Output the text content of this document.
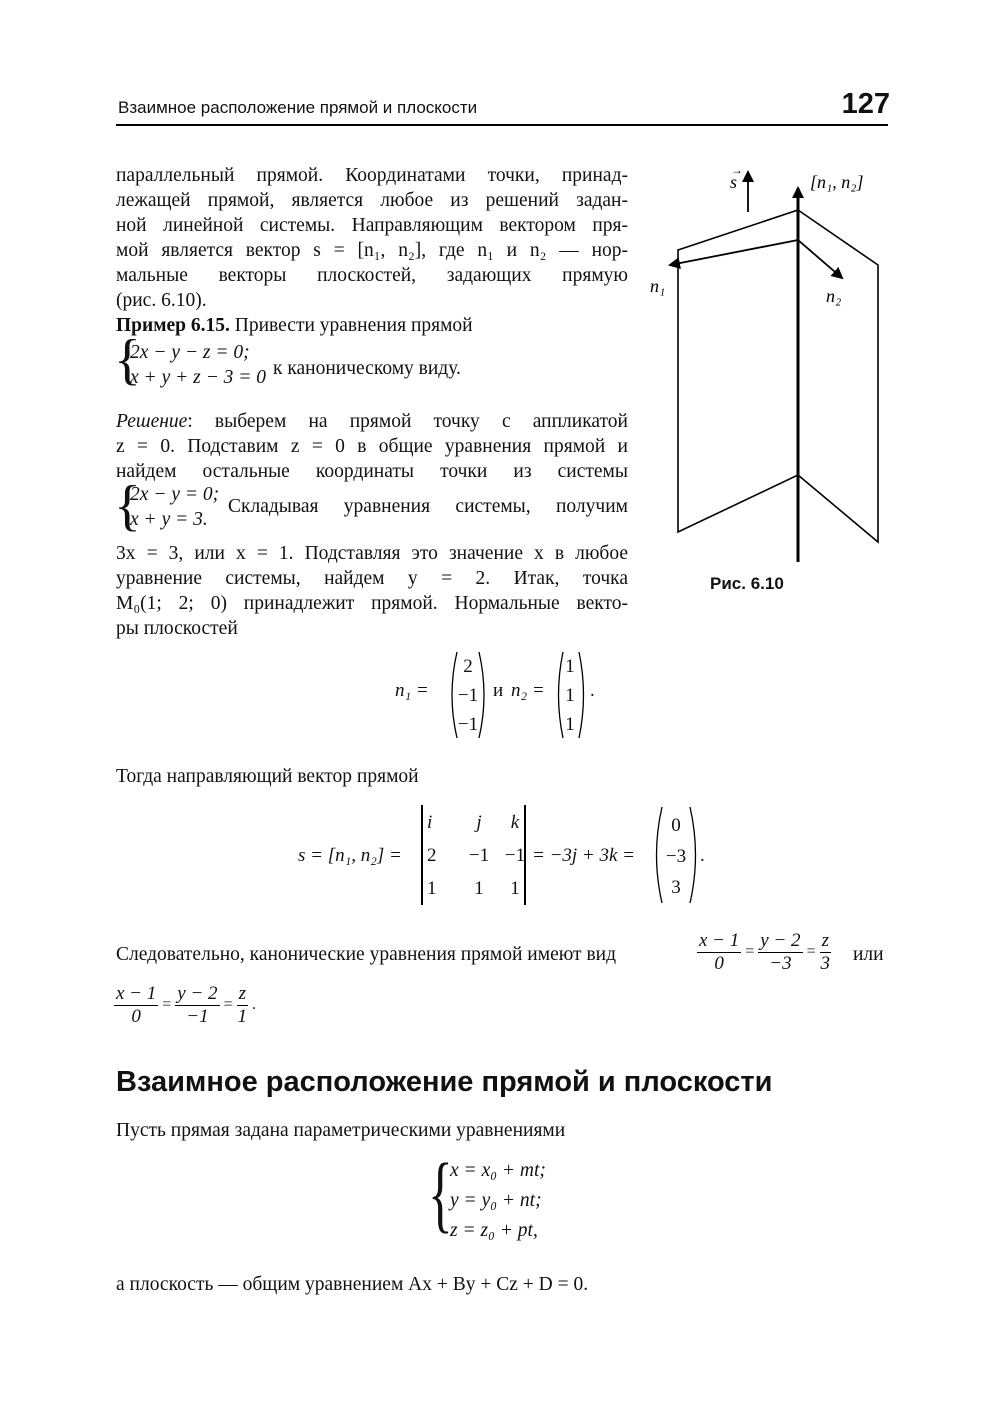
Взаимное расположение прямой и плоскости	127
параллельный прямой. Координатами точки, принад-
лежащей прямой, является любое из решений задан-
ной линейной системы. Направляющим вектором пря-
мой является вектор s = [n₁, n₂], где n₁ и n₂ — нор-
мальные векторы плоскостей, задающих прямую
(рис. 6.10).
Пример 6.15. Привести уравнения прямой
{
2x − y − z = 0;
x + y + z − 3 = 0 к каноническому виду.
Решение: выберем на прямой точку с аппликатой
z = 0. Подставим z = 0 в общие уравнения прямой и
найдем остальные координаты точки из системы
{
2x − y = 0;
x + y = 3.
Складывая уравнения системы, получим
3x = 3, или x = 1. Подставляя это значение x в любое
уравнение системы, найдем y = 2. Итак, точка
M₀(1; 2; 0) принадлежит прямой. Нормальные векто-
ры плоскостей
n₁ =
2
−1
−1
и n₂ =
1
1
1
.
Тогда направляющий вектор прямой
s = [n₁, n₂] =
i	j	k
2	−1	−1
1	1	1
= −3j + 3k =
0
−3
3
.
Следовательно, канонические уравнения прямой имеют вид	$\frac{x - 1}{0} = \frac{y - 2}{-3} = \frac{z}{3}$ или
$\frac{x - 1}{0} = \frac{y - 2}{-1} = \frac{z}{1}$ .
Взаимное расположение прямой и плоскости
Пусть прямая задана параметрическими уравнениями
{
x = x₀ + mt;
y = y₀ + nt;
z = z₀ + pt,
а плоскость — общим уравнением Ax + By + Cz + D = 0.
s
→
[n₁, n₂]
n₁	n₂
Рис. 6.10
